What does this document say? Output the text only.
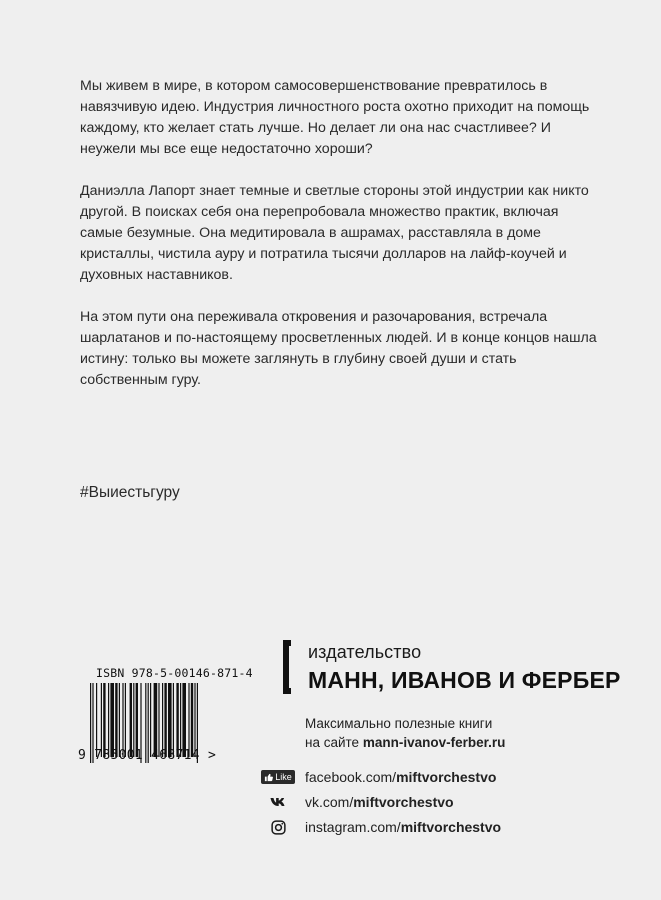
Мы живем в мире, в котором самосовершенствование превратилось в навязчивую идею. Индустрия личностного роста охотно приходит на помощь каждому, кто желает стать лучше. Но делает ли она нас счастливее? И неужели мы все еще недостаточно хороши?

Даниэлла Лапорт знает темные и светлые стороны этой индустрии как никто другой. В поисках себя она перепробовала множество практик, включая самые безумные. Она медитировала в ашрамах, расставляла в доме кристаллы, чистила ауру и потратила тысячи долларов на лайф-коучей и духовных наставников.

На этом пути она переживала откровения и разочарования, встречала шарлатанов и по-настоящему просветленных людей. И в конце концов нашла истину: только вы можете заглянуть в глубину своей души и стать собственным гуру.

#Выиестьгуру
ISBN 978-5-00146-871-4
9 785001 468714 >
издательство
МАНН, ИВАНОВ И ФЕРБЕР
Максимально полезные книги
на сайте mann-ivanov-ferber.ru
Like facebook.com/ miftvorchestvo
vk.com/ miftvorchestvo
instagram.com/ miftvorchestvo
